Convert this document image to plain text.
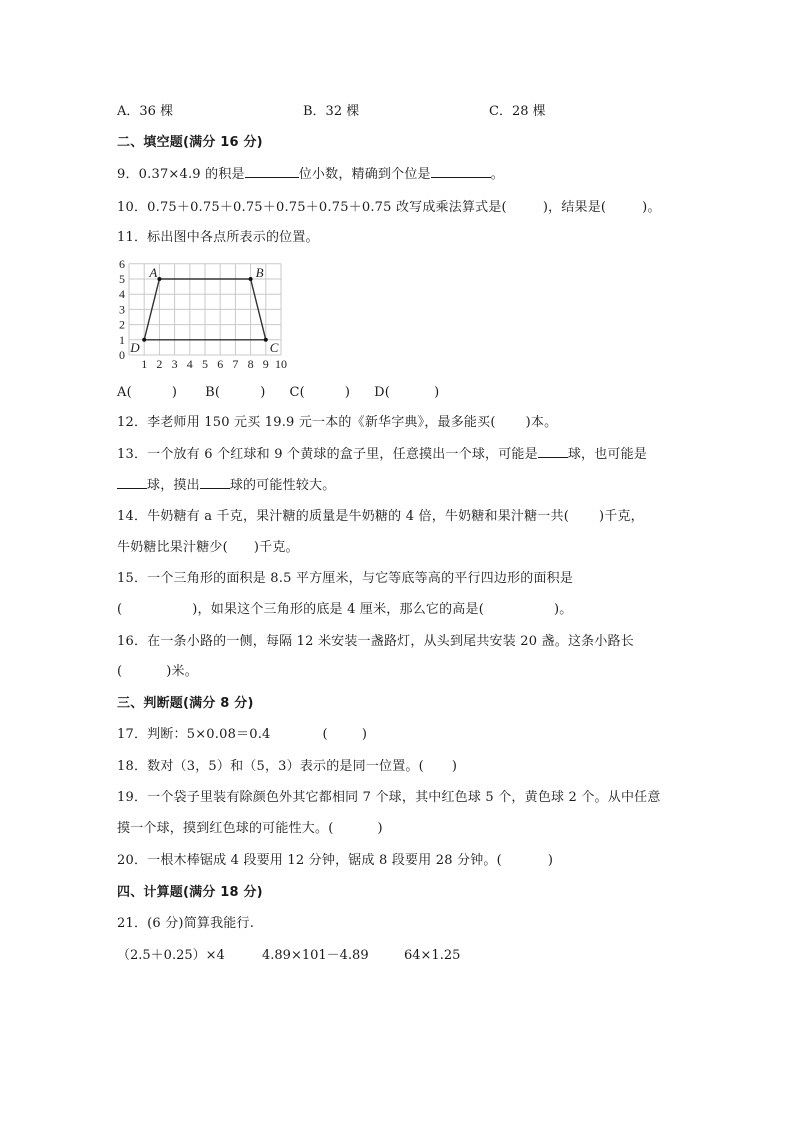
A．36 棵	B．32 棵	C．28 棵
二、填空题(满分 16 分)
9．0.37×4.9 的积是	位小数，精确到个位是	。
10．0.75＋0.75＋0.75＋0.75＋0.75＋0.75 改写成乘法算式是(	)，结果是(	)。
11．标出图中各点所表示的位置。
1 2 3 4 5 6 7 8 9 10
0
1
2
3
4
5
6
A	B
C
D
A(	) B(	) C(	) D(	)
12．李老师用 150 元买 19.9 元一本的《新华字典》，最多能买( )本。
13．一个放有 6 个红球和 9 个黄球的盒子里，任意摸出一个球，可能是 球，也可能是
球，摸出 球的可能性较大。
14．牛奶糖有 a 千克，果汁糖的质量是牛奶糖的 4 倍，牛奶糖和果汁糖一共( )千克，
牛奶糖比果汁糖少( )千克。
15．一个三角形的面积是 8.5 平方厘米，与它等底等高的平行四边形的面积是
(	)，如果这个三角形的底是 4 厘米，那么它的高是(	)。
16．在一条小路的一侧，每隔 12 米安装一盏路灯，从头到尾共安装 20 盏。这条小路长
(	)米。
三、判断题(满分 8 分)
17．判断：5×0.08＝0.4	(	)
18．数对（3，5）和（5，3）表示的是同一位置。( )
19．一个袋子里装有除颜色外其它都相同 7 个球，其中红色球 5 个，黄色球 2 个。从中任意
摸一个球，摸到红色球的可能性大。(	)
20．一根木棒锯成 4 段要用 12 分钟，锯成 8 段要用 28 分钟。(	)
四、计算题(满分 18 分)
21．(6 分)简算我能行.
（2.5＋0.25）×4	4.89×101－4.89	64×1.25
